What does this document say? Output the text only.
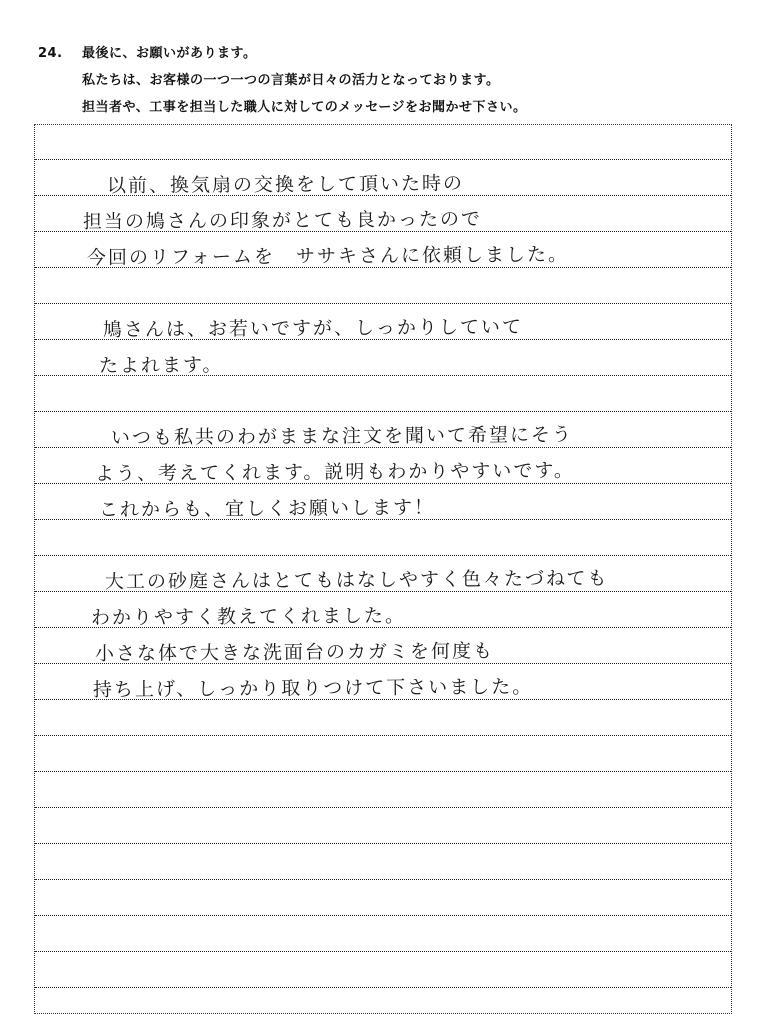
24. 最後に、お願いがあります。
私たちは、お客様の一つ一つの言葉が日々の活力となっております。
担当者や、工事を担当した職人に対してのメッセージをお聞かせ下さい。
以前、換気扇の交換をして頂いた時の
担当の鳩さんの印象がとても良かったので
今回のリフォームを　ササキさんに依頼しました。
鳩さんは、お若いですが、しっかりしていて
たよれます。
いつも私共のわがままな注文を聞いて希望にそう
よう、考えてくれます。説明もわかりやすいです。
これからも、宜しくお願いします！
大工の砂庭さんはとてもはなしやすく色々たづねても
わかりやすく教えてくれました。
小さな体で大きな洗面台のカガミを何度も
持ち上げ、しっかり取りつけて下さいました。
